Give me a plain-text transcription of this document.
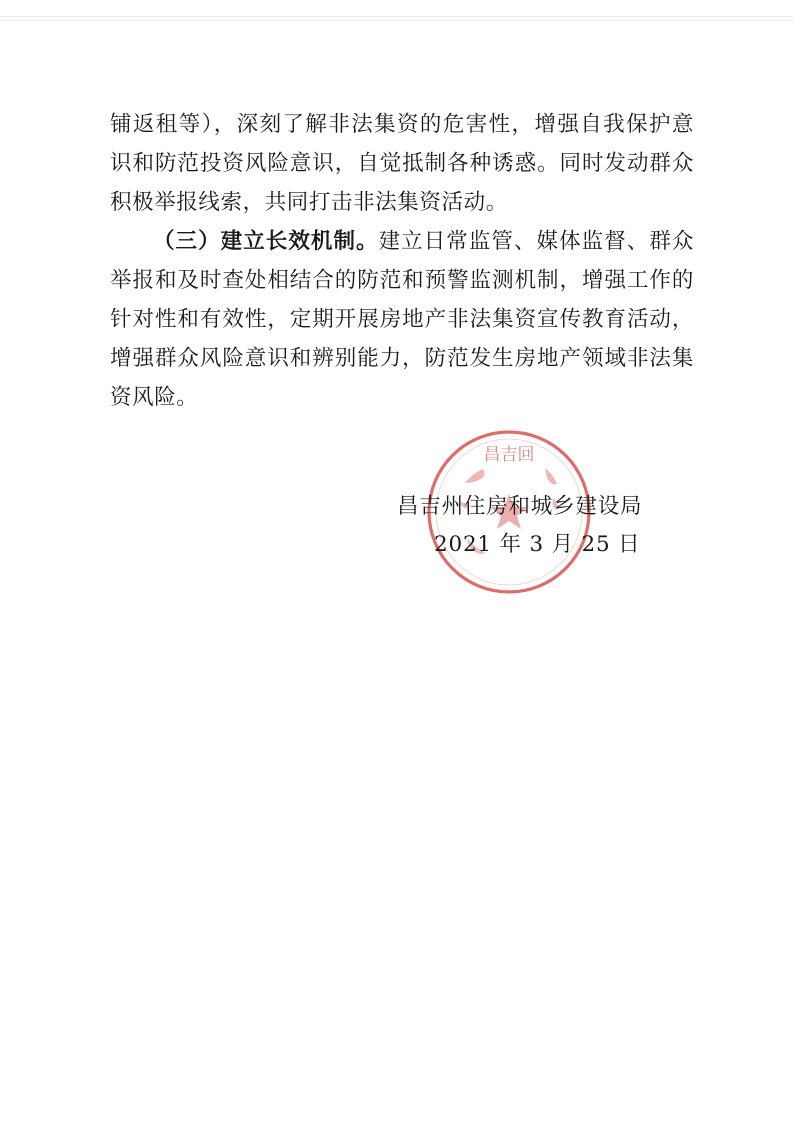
铺返租等），深刻了解非法集资的危害性，增强自我保护意识和防范投资风险意识，自觉抵制各种诱惑。同时发动群众积极举报线索，共同打击非法集资活动。

（三）建立长效机制。建立日常监管、媒体监督、群众举报和及时查处相结合的防范和预警监测机制，增强工作的针对性和有效性，定期开展房地产非法集资宣传教育活动，增强群众风险意识和辨别能力，防范发生房地产领域非法集资风险。

昌吉回
昌吉州住房和城乡建设局
2021 年 3 月 25 日
